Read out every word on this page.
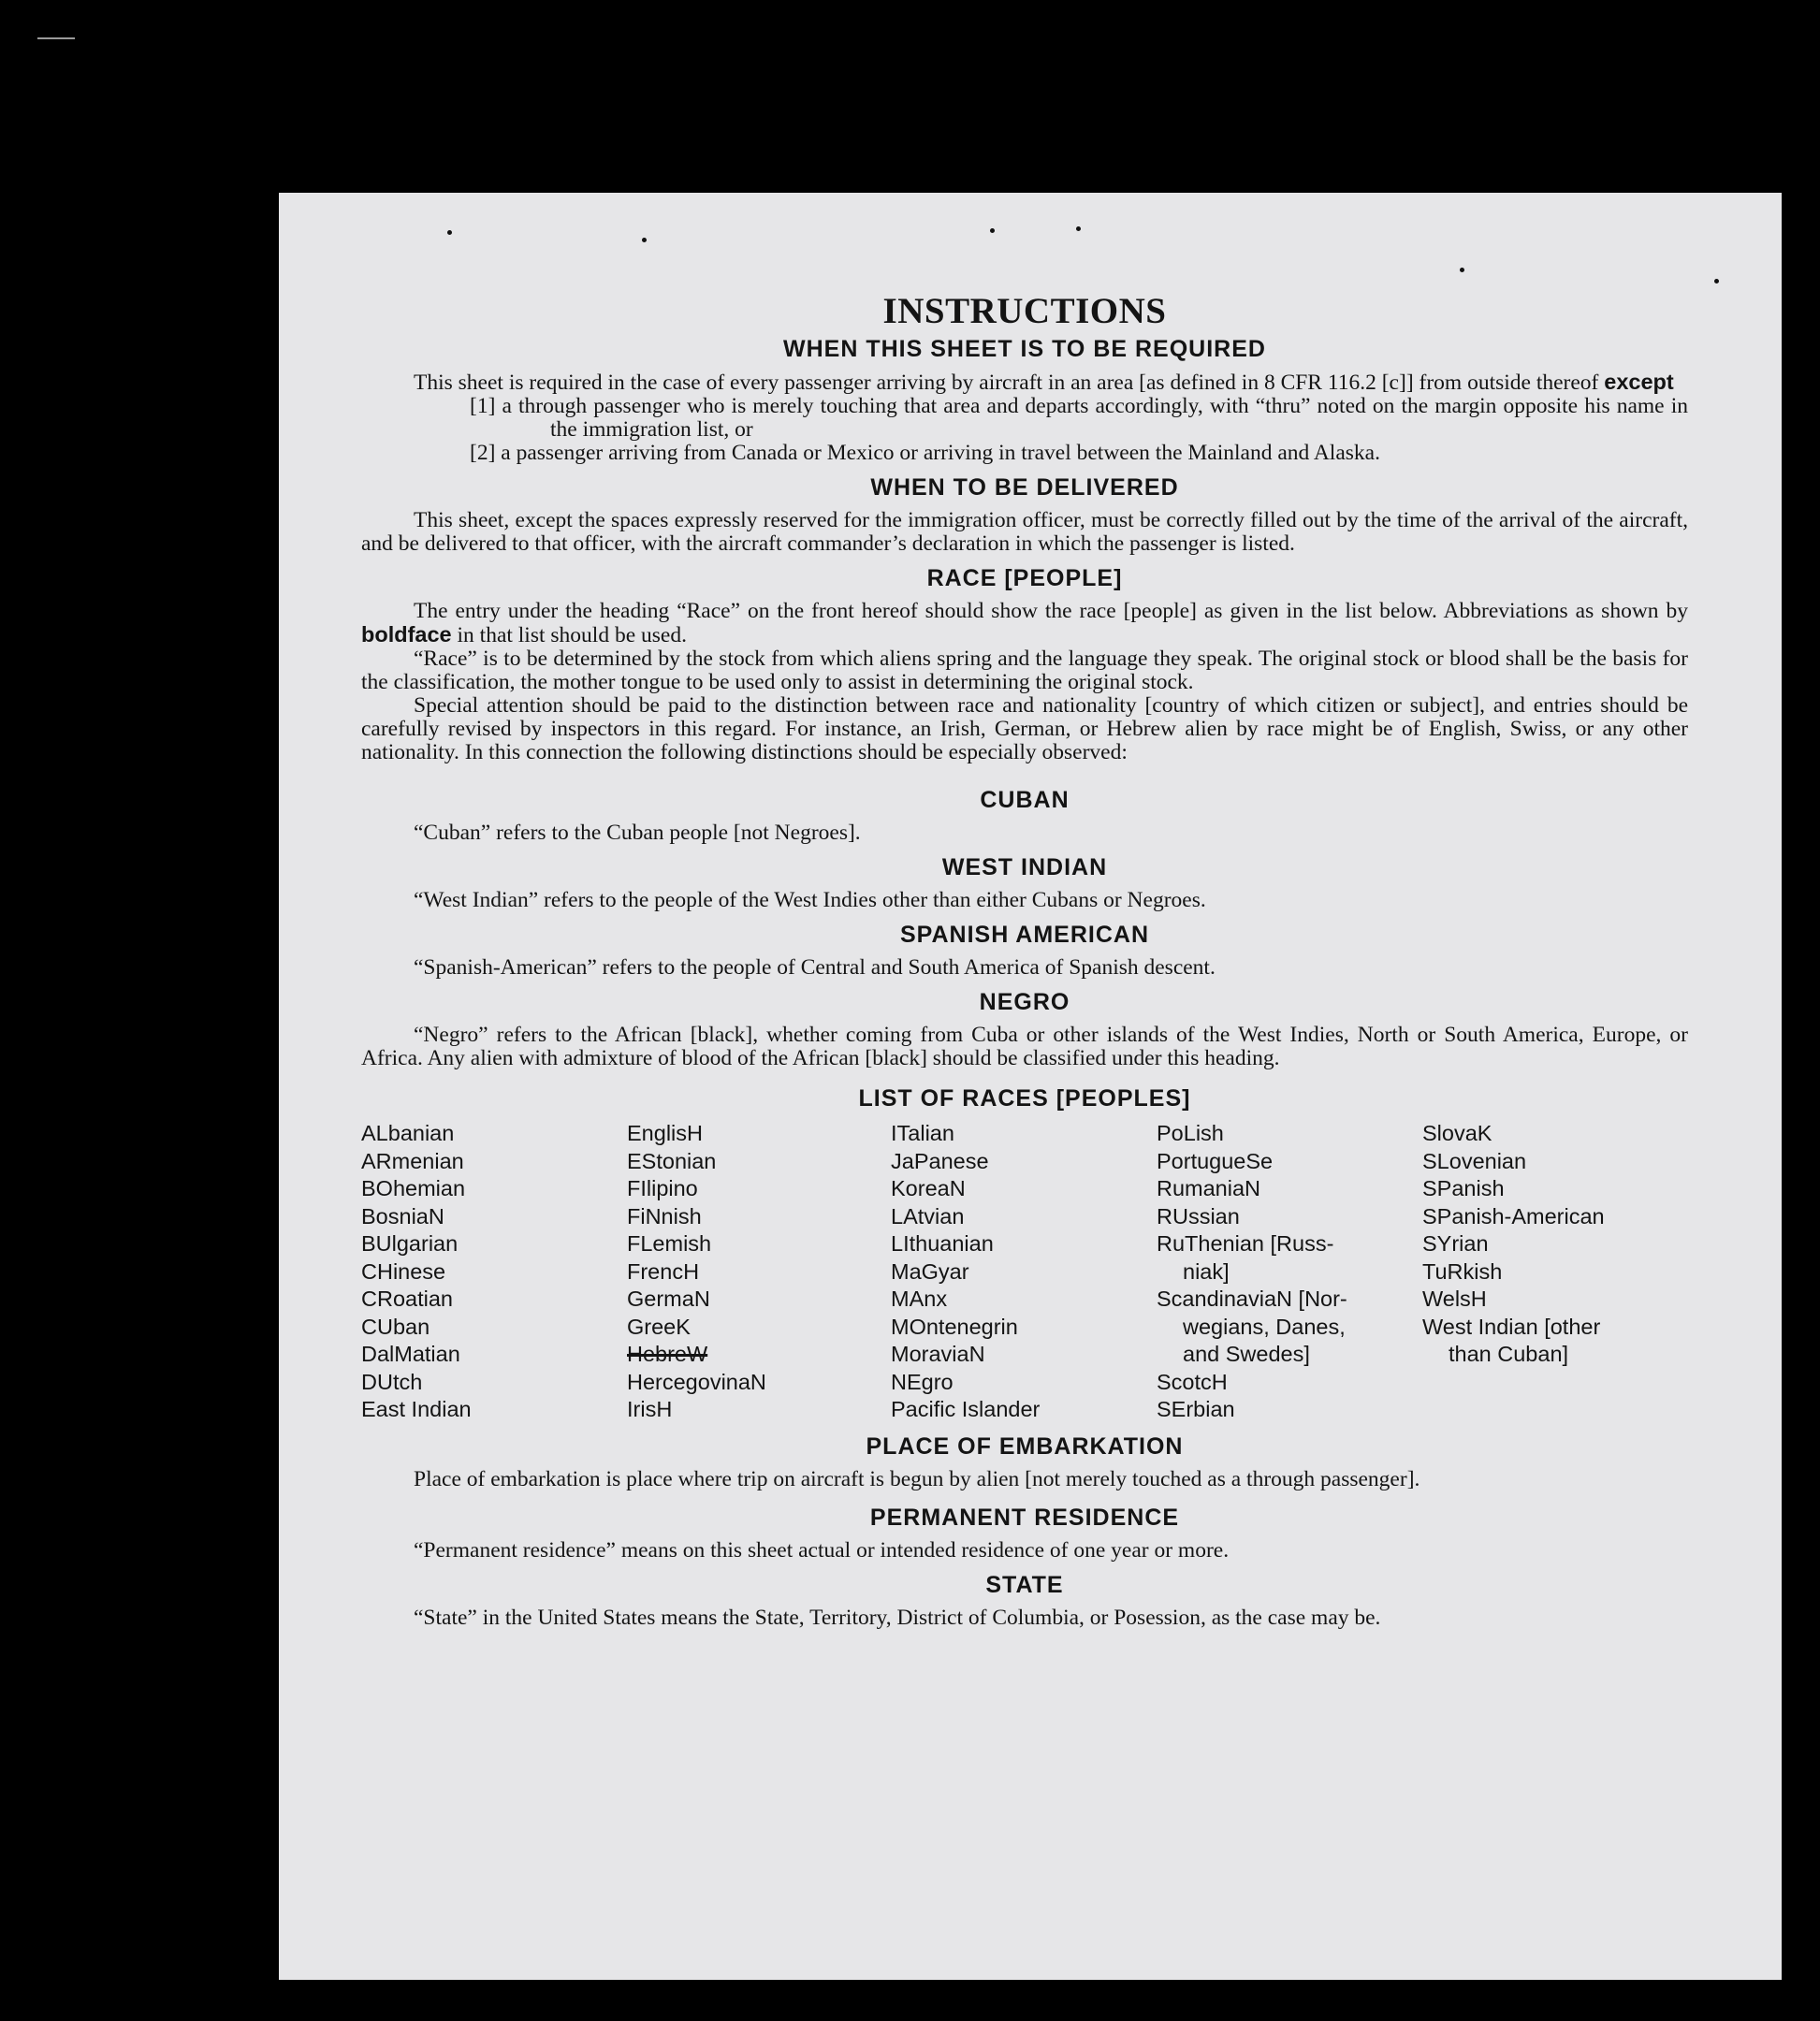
INSTRUCTIONS
WHEN THIS SHEET IS TO BE REQUIRED

This sheet is required in the case of every passenger arriving by aircraft in an area [as defined in 8 CFR 116.2 [c]] from outside thereof except

[1] a through passenger who is merely touching that area and departs accordingly, with “thru” noted on the margin opposite his name in the immigration list, or
[2] a passenger arriving from Canada or Mexico or arriving in travel between the Mainland and Alaska.
WHEN TO BE DELIVERED

This sheet, except the spaces expressly reserved for the immigration officer, must be correctly filled out by the time of the arrival of the aircraft, and be delivered to that officer, with the aircraft commander’s declaration in which the passenger is listed.

RACE [PEOPLE]

The entry under the heading “Race” on the front hereof should show the race [people] as given in the list below. Abbreviations as shown by boldface in that list should be used.

“Race” is to be determined by the stock from which aliens spring and the language they speak. The original stock or blood shall be the basis for the classification, the mother tongue to be used only to assist in determining the original stock.

Special attention should be paid to the distinction between race and nationality [country of which citizen or subject], and entries should be carefully revised by inspectors in this regard. For instance, an Irish, German, or Hebrew alien by race might be of English, Swiss, or any other nationality. In this connection the following distinctions should be especially observed:

CUBAN

“Cuban” refers to the Cuban people [not Negroes].

WEST INDIAN

“West Indian” refers to the people of the West Indies other than either Cubans or Negroes.

SPANISH AMERICAN

“Spanish-American” refers to the people of Central and South America of Spanish descent.

NEGRO

“Negro” refers to the African [black], whether coming from Cuba or other islands of the West Indies, North or South America, Europe, or Africa. Any alien with admixture of blood of the African [black] should be classified under this heading.

LIST OF RACES [PEOPLES]
ALbanian
ARmenian
BOhemian
BosniaN
BUlgarian
CHinese
CRoatian
CUban
DalMatian
DUtch
East Indian
EnglisH
EStonian
FIlipino
FiNnish
FLemish
FrencH
GermaN
GreeK
HebreW
HercegovinaN
IrisH
ITalian
JaPanese
KoreaN
LAtvian
LIthuanian
MaGyar
MAnx
MOntenegrin
MoraviaN
NEgro
Pacific Islander
PoLish
PortugueSe
RumaniaN
RUssian
RuThenian [Russ-
niak]
ScandinaviaN [Nor-
wegians, Danes,
and Swedes]
ScotcH
SErbian
SlovaK
SLovenian
SPanish
SPanish-American
SYrian
TuRkish
WelsH
West Indian [other
than Cuban]
PLACE OF EMBARKATION

Place of embarkation is place where trip on aircraft is begun by alien [not merely touched as a through passenger].

PERMANENT RESIDENCE

“Permanent residence” means on this sheet actual or intended residence of one year or more.

STATE

“State” in the United States means the State, Territory, District of Columbia, or Posession, as the case may be.
